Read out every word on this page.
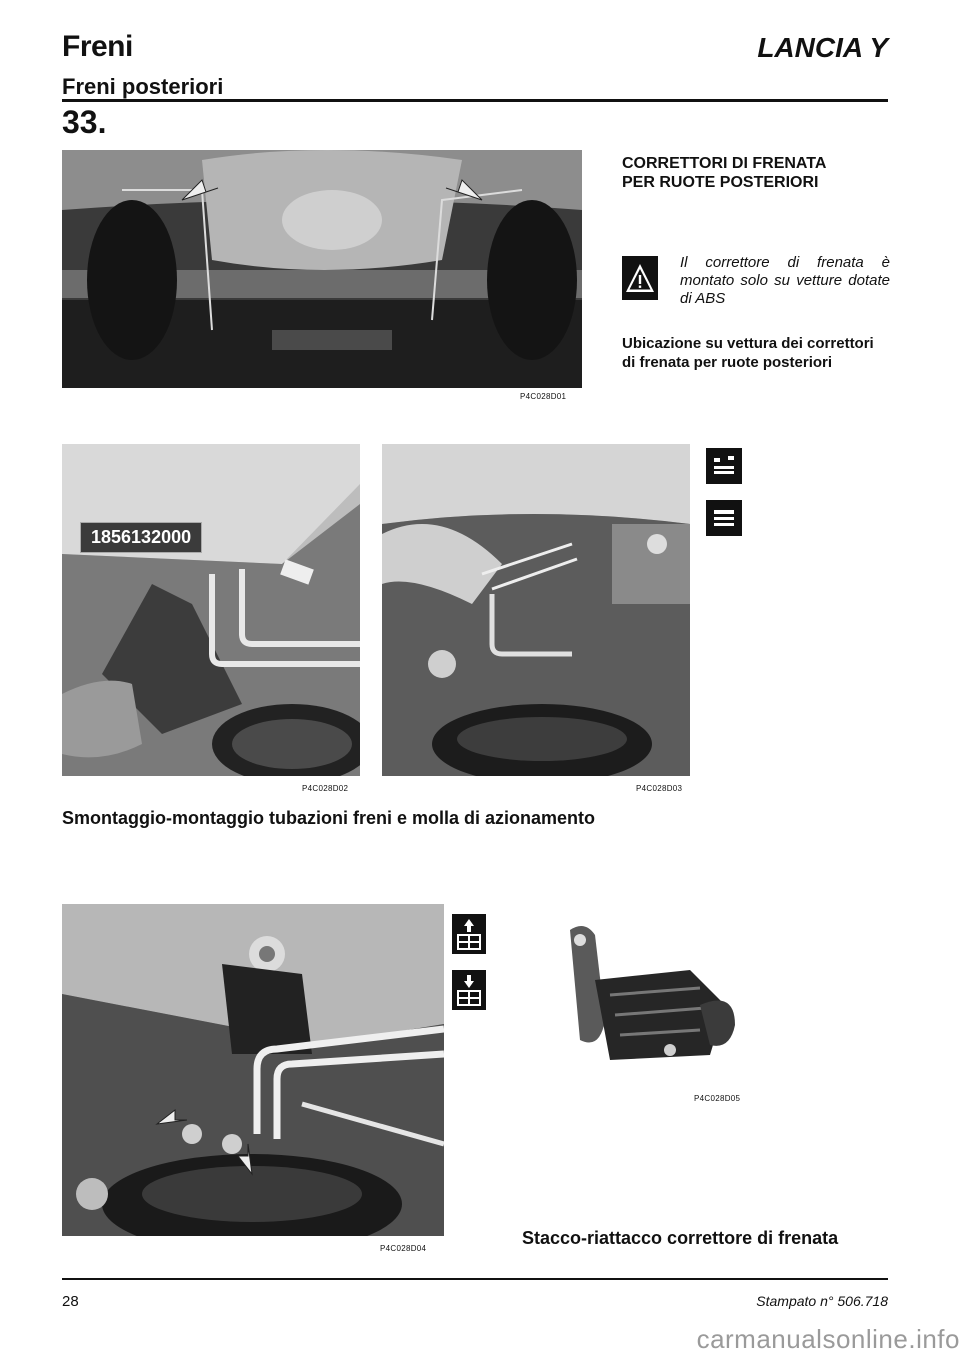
Freni
Freni posteriori
LANCIA Y
33.
P4C028D01
CORRETTORI DI FRENATA
PER RUOTE POSTERIORI
Il correttore di frenata è montato solo su vetture dotate di ABS
Ubicazione su vettura dei correttori di frenata per ruote posteriori
1856132000
P4C028D02	P4C028D03
Smontaggio-montaggio tubazioni freni e molla di azionamento
P4C028D04
P4C028D05
Stacco-riattacco correttore di frenata
28	Stampato n° 506.718
carmanualsonline.info
